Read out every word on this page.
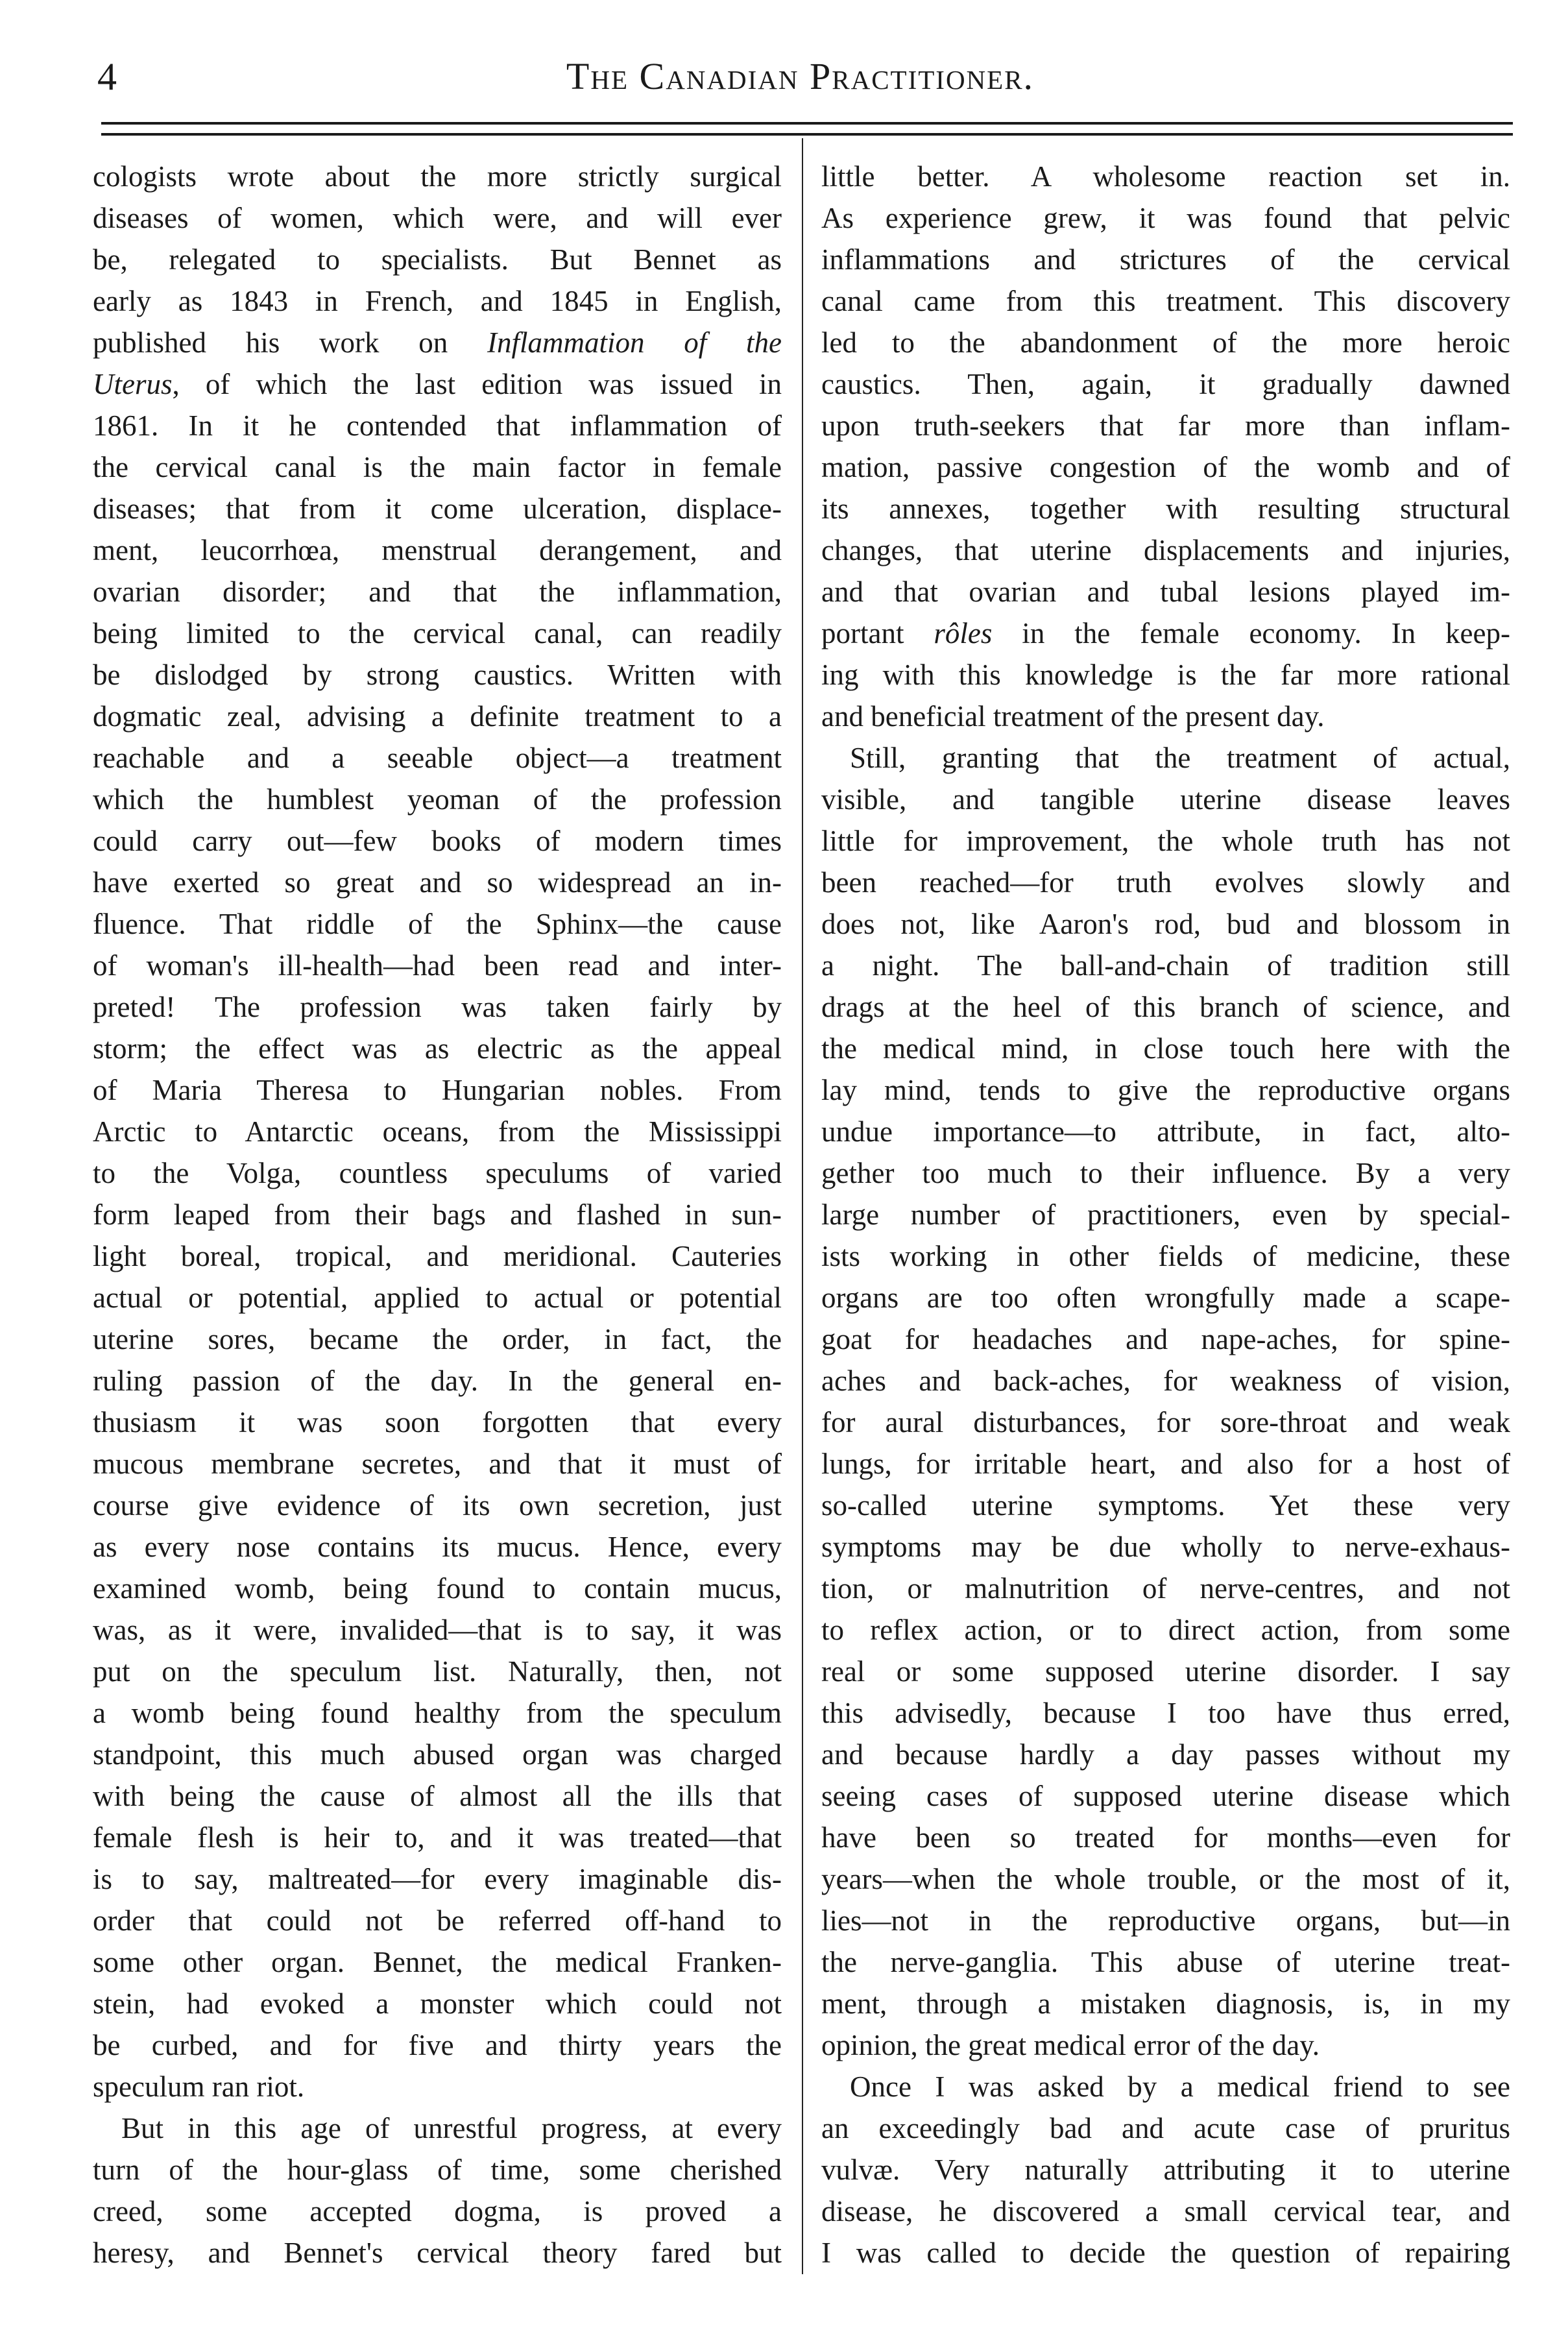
4	The Canadian Practitioner.
cologists wrote about the more strictly surgical
diseases of women, which were, and will ever
be, relegated to specialists. But Bennet as
early as 1843 in French, and 1845 in English,
published his work on Inflammation of the
Uterus, of which the last edition was issued in
1861. In it he contended that inflammation of
the cervical canal is the main factor in female
diseases; that from it come ulceration, displace-
ment, leucorrhœa, menstrual derangement, and
ovarian disorder; and that the inflammation,
being limited to the cervical canal, can readily
be dislodged by strong caustics. Written with
dogmatic zeal, advising a definite treatment to a
reachable and a seeable object—a treatment
which the humblest yeoman of the profession
could carry out—few books of modern times
have exerted so great and so widespread an in-
fluence. That riddle of the Sphinx—the cause
of woman's ill-health—had been read and inter-
preted! The profession was taken fairly by
storm; the effect was as electric as the appeal
of Maria Theresa to Hungarian nobles. From
Arctic to Antarctic oceans, from the Mississippi
to the Volga, countless speculums of varied
form leaped from their bags and flashed in sun-
light boreal, tropical, and meridional. Cauteries
actual or potential, applied to actual or potential
uterine sores, became the order, in fact, the
ruling passion of the day. In the general en-
thusiasm it was soon forgotten that every
mucous membrane secretes, and that it must of
course give evidence of its own secretion, just
as every nose contains its mucus. Hence, every
examined womb, being found to contain mucus,
was, as it were, invalided—that is to say, it was
put on the speculum list. Naturally, then, not
a womb being found healthy from the speculum
standpoint, this much abused organ was charged
with being the cause of almost all the ills that
female flesh is heir to, and it was treated—that
is to say, maltreated—for every imaginable dis-
order that could not be referred off-hand to
some other organ. Bennet, the medical Franken-
stein, had evoked a monster which could not
be curbed, and for five and thirty years the
speculum ran riot.
But in this age of unrestful progress, at every
turn of the hour-glass of time, some cherished
creed, some accepted dogma, is proved a
heresy, and Bennet's cervical theory fared but
little better. A wholesome reaction set in.
As experience grew, it was found that pelvic
inflammations and strictures of the cervical
canal came from this treatment. This discovery
led to the abandonment of the more heroic
caustics. Then, again, it gradually dawned
upon truth-seekers that far more than inflam-
mation, passive congestion of the womb and of
its annexes, together with resulting structural
changes, that uterine displacements and injuries,
and that ovarian and tubal lesions played im-
portant rôles in the female economy. In keep-
ing with this knowledge is the far more rational
and beneficial treatment of the present day.
Still, granting that the treatment of actual,
visible, and tangible uterine disease leaves
little for improvement, the whole truth has not
been reached—for truth evolves slowly and
does not, like Aaron's rod, bud and blossom in
a night. The ball-and-chain of tradition still
drags at the heel of this branch of science, and
the medical mind, in close touch here with the
lay mind, tends to give the reproductive organs
undue importance—to attribute, in fact, alto-
gether too much to their influence. By a very
large number of practitioners, even by special-
ists working in other fields of medicine, these
organs are too often wrongfully made a scape-
goat for headaches and nape-aches, for spine-
aches and back-aches, for weakness of vision,
for aural disturbances, for sore-throat and weak
lungs, for irritable heart, and also for a host of
so-called uterine symptoms. Yet these very
symptoms may be due wholly to nerve-exhaus-
tion, or malnutrition of nerve-centres, and not
to reflex action, or to direct action, from some
real or some supposed uterine disorder. I say
this advisedly, because I too have thus erred,
and because hardly a day passes without my
seeing cases of supposed uterine disease which
have been so treated for months—even for
years—when the whole trouble, or the most of it,
lies—not in the reproductive organs, but—in
the nerve-ganglia. This abuse of uterine treat-
ment, through a mistaken diagnosis, is, in my
opinion, the great medical error of the day.
Once I was asked by a medical friend to see
an exceedingly bad and acute case of pruritus
vulvæ. Very naturally attributing it to uterine
disease, he discovered a small cervical tear, and
I was called to decide the question of repairing
